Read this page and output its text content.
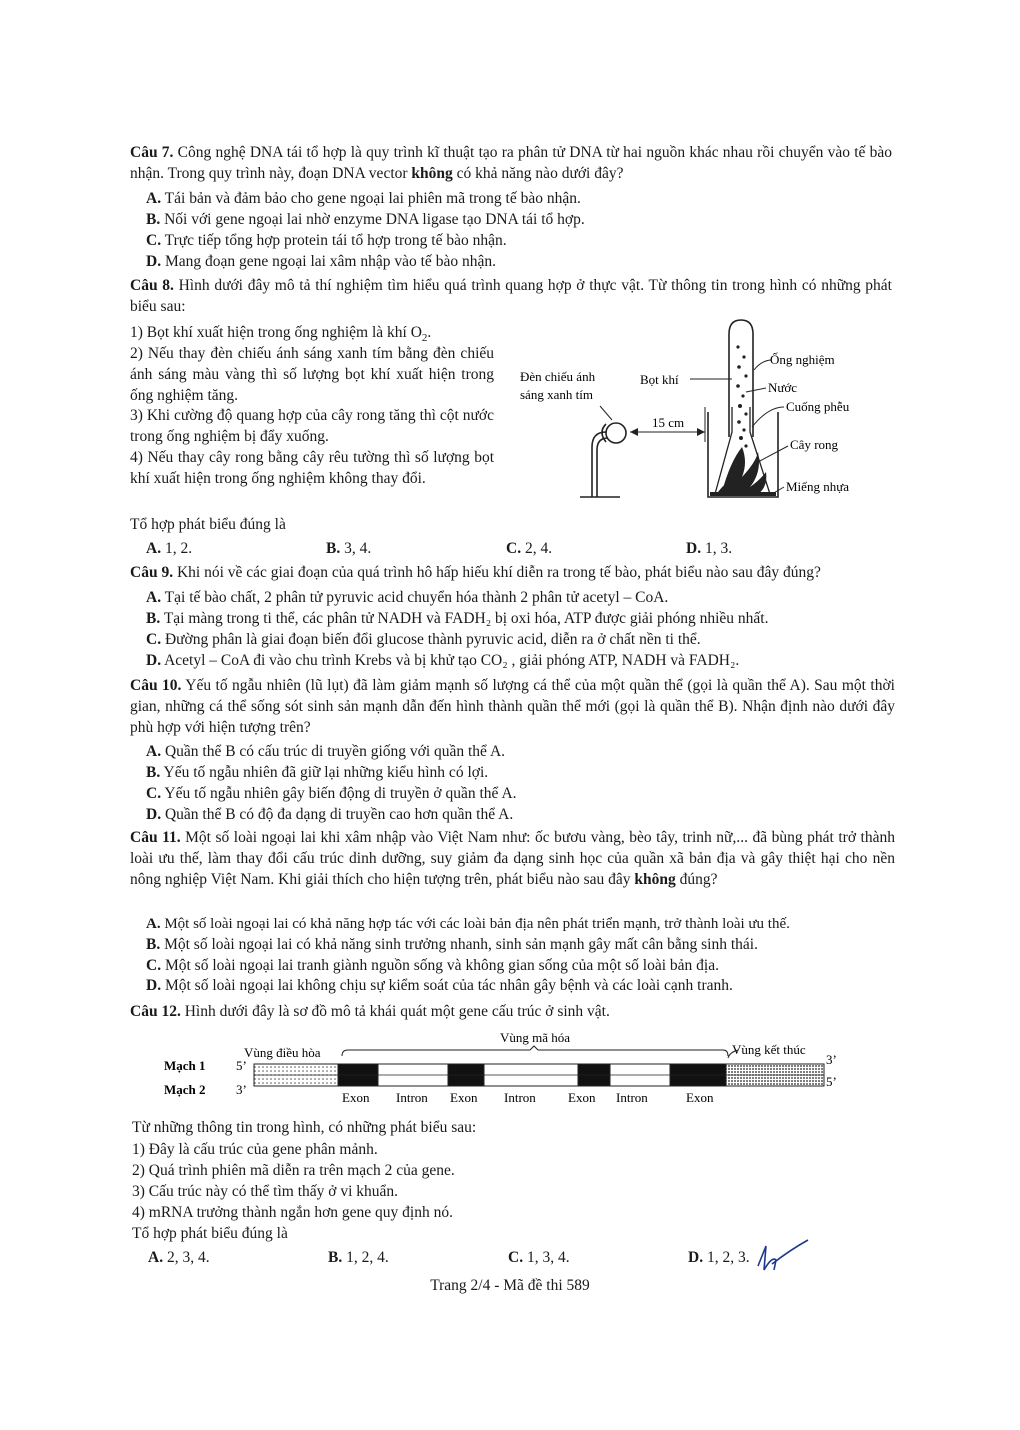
Câu 7. Công nghệ DNA tái tổ hợp là quy trình kĩ thuật tạo ra phân tử DNA từ hai nguồn khác nhau rồi chuyển vào tế bào nhận. Trong quy trình này, đoạn DNA vector không có khả năng nào dưới đây?
A. Tái bản và đảm bảo cho gene ngoại lai phiên mã trong tế bào nhận.
B. Nối với gene ngoại lai nhờ enzyme DNA ligase tạo DNA tái tổ hợp.
C. Trực tiếp tổng hợp protein tái tổ hợp trong tế bào nhận.
D. Mang đoạn gene ngoại lai xâm nhập vào tế bào nhận.
Câu 8. Hình dưới đây mô tả thí nghiệm tìm hiểu quá trình quang hợp ở thực vật. Từ thông tin trong hình có những phát biểu sau:
1) Bọt khí xuất hiện trong ống nghiệm là khí $O_2$.
2) Nếu thay đèn chiếu ánh sáng xanh tím bằng đèn chiếu ánh sáng màu vàng thì số lượng bọt khí xuất hiện trong ống nghiệm tăng.
3) Khi cường độ quang hợp của cây rong tăng thì cột nước trong ống nghiệm bị đẩy xuống.
4) Nếu thay cây rong bằng cây rêu tường thì số lượng bọt khí xuất hiện trong ống nghiệm không thay đổi.
Tổ hợp phát biểu đúng là
Đèn chiếu ánh
sáng xanh tím
15 cm
Bọt khí
Ống nghiệm
Nước
Cuống phễu
Cây rong
Miếng nhựa
A. 1, 2.	B. 3, 4.	C. 2, 4.	D. 1, 3.
Câu 9. Khi nói về các giai đoạn của quá trình hô hấp hiếu khí diễn ra trong tế bào, phát biểu nào sau đây đúng?
A. Tại tế bào chất, 2 phân tử pyruvic acid chuyển hóa thành 2 phân tử acetyl – CoA.
B. Tại màng trong ti thể, các phân tử NADH và FADH₂ bị oxi hóa, ATP được giải phóng nhiều nhất.
C. Đường phân là giai đoạn biến đổi glucose thành pyruvic acid, diễn ra ở chất nền ti thể.
D. Acetyl – CoA đi vào chu trình Krebs và bị khử tạo CO₂ , giải phóng ATP, NADH và FADH₂.
Câu 10. Yếu tố ngẫu nhiên (lũ lụt) đã làm giảm mạnh số lượng cá thể của một quần thể (gọi là quần thể A). Sau một thời gian, những cá thể sống sót sinh sản mạnh dẫn đến hình thành quần thể mới (gọi là quần thể B). Nhận định nào dưới đây phù hợp với hiện tượng trên?
A. Quần thể B có cấu trúc di truyền giống với quần thể A.
B. Yếu tố ngẫu nhiên đã giữ lại những kiểu hình có lợi.
C. Yếu tố ngẫu nhiên gây biến động di truyền ở quần thể A.
D. Quần thể B có độ đa dạng di truyền cao hơn quần thể A.
Câu 11. Một số loài ngoại lai khi xâm nhập vào Việt Nam như: ốc bươu vàng, bèo tây, trinh nữ,... đã bùng phát trở thành loài ưu thế, làm thay đổi cấu trúc dinh dưỡng, suy giảm đa dạng sinh học của quần xã bản địa và gây thiệt hại cho nền nông nghiệp Việt Nam. Khi giải thích cho hiện tượng trên, phát biểu nào sau đây không đúng?
A. Một số loài ngoại lai có khả năng hợp tác với các loài bản địa nên phát triển mạnh, trở thành loài ưu thế.
B. Một số loài ngoại lai có khả năng sinh trưởng nhanh, sinh sản mạnh gây mất cân bằng sinh thái.
C. Một số loài ngoại lai tranh giành nguồn sống và không gian sống của một số loài bản địa.
D. Một số loài ngoại lai không chịu sự kiểm soát của tác nhân gây bệnh và các loài cạnh tranh.
Câu 12. Hình dưới đây là sơ đồ mô tả khái quát một gene cấu trúc ở sinh vật.
Vùng mã hóa
Vùng điều hòa	Vùng kết thúc
Mạch 1
Mạch 2
5’
3’
3’
5’
Exon Intron Exon Intron Exon Intron	Exon
Từ những thông tin trong hình, có những phát biểu sau:
1) Đây là cấu trúc của gene phân mảnh.
2) Quá trình phiên mã diễn ra trên mạch 2 của gene.
3) Cấu trúc này có thể tìm thấy ở vi khuẩn.
4) mRNA trưởng thành ngắn hơn gene quy định nó.
Tổ hợp phát biểu đúng là
A. 2, 3, 4.	B. 1, 2, 4.	C. 1, 3, 4.	D. 1, 2, 3.
Trang 2/4 - Mã đề thi 589
